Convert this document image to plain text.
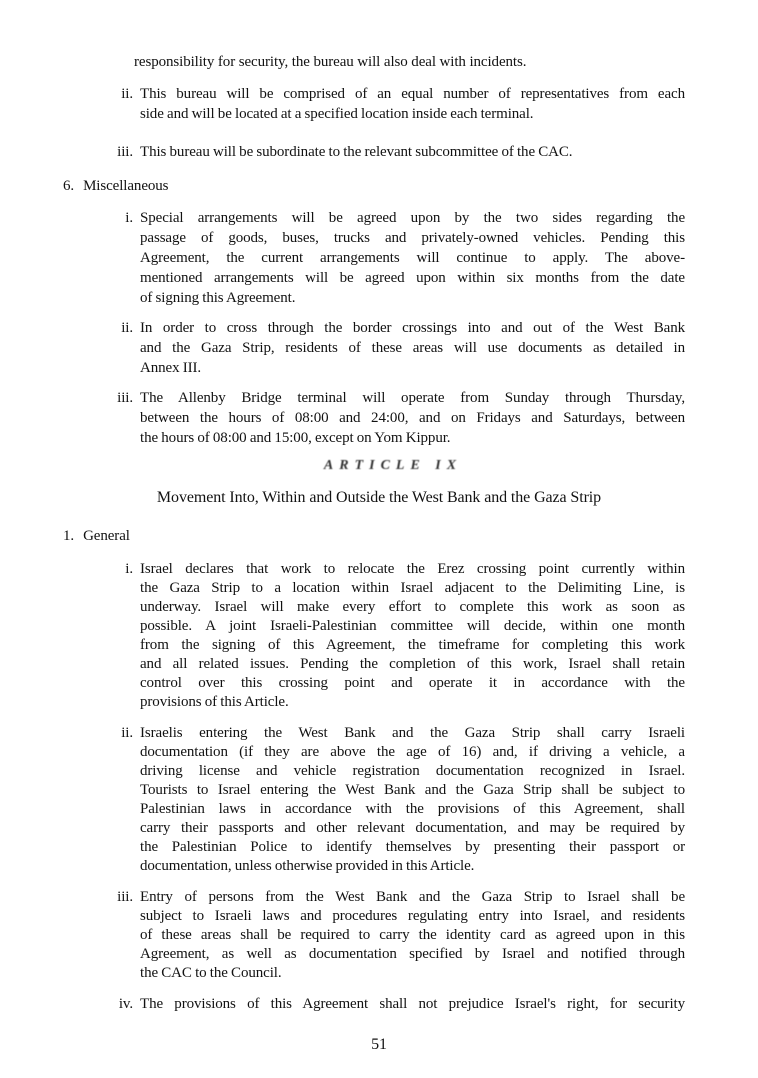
responsibility for security, the bureau will also deal with incidents.
ii. This bureau will be comprised of an equal number of representatives from each
side and will be located at a specified location inside each terminal.
iii. This bureau will be subordinate to the relevant subcommittee of the CAC.
6. Miscellaneous
i. Special arrangements will be agreed upon by the two sides regarding the
passage of goods, buses, trucks and privately-owned vehicles. Pending this
Agreement, the current arrangements will continue to apply. The above-
mentioned arrangements will be agreed upon within six months from the date
of signing this Agreement.
ii. In order to cross through the border crossings into and out of the West Bank
and the Gaza Strip, residents of these areas will use documents as detailed in
Annex III.
iii. The Allenby Bridge terminal will operate from Sunday through Thursday,
between the hours of 08:00 and 24:00, and on Fridays and Saturdays, between
the hours of 08:00 and 15:00, except on Yom Kippur.
ARTICLE IX
Movement Into, Within and Outside the West Bank and the Gaza Strip
1. General
i. Israel declares that work to relocate the Erez crossing point currently within
the Gaza Strip to a location within Israel adjacent to the Delimiting Line, is
underway. Israel will make every effort to complete this work as soon as
possible. A joint Israeli-Palestinian committee will decide, within one month
from the signing of this Agreement, the timeframe for completing this work
and all related issues. Pending the completion of this work, Israel shall retain
control over this crossing point and operate it in accordance with the
provisions of this Article.
ii. Israelis entering the West Bank and the Gaza Strip shall carry Israeli
documentation (if they are above the age of 16) and, if driving a vehicle, a
driving license and vehicle registration documentation recognized in Israel.
Tourists to Israel entering the West Bank and the Gaza Strip shall be subject to
Palestinian laws in accordance with the provisions of this Agreement, shall
carry their passports and other relevant documentation, and may be required by
the Palestinian Police to identify themselves by presenting their passport or
documentation, unless otherwise provided in this Article.
iii. Entry of persons from the West Bank and the Gaza Strip to Israel shall be
subject to Israeli laws and procedures regulating entry into Israel, and residents
of these areas shall be required to carry the identity card as agreed upon in this
Agreement, as well as documentation specified by Israel and notified through
the CAC to the Council.
iv. The provisions of this Agreement shall not prejudice Israel's right, for security
51
